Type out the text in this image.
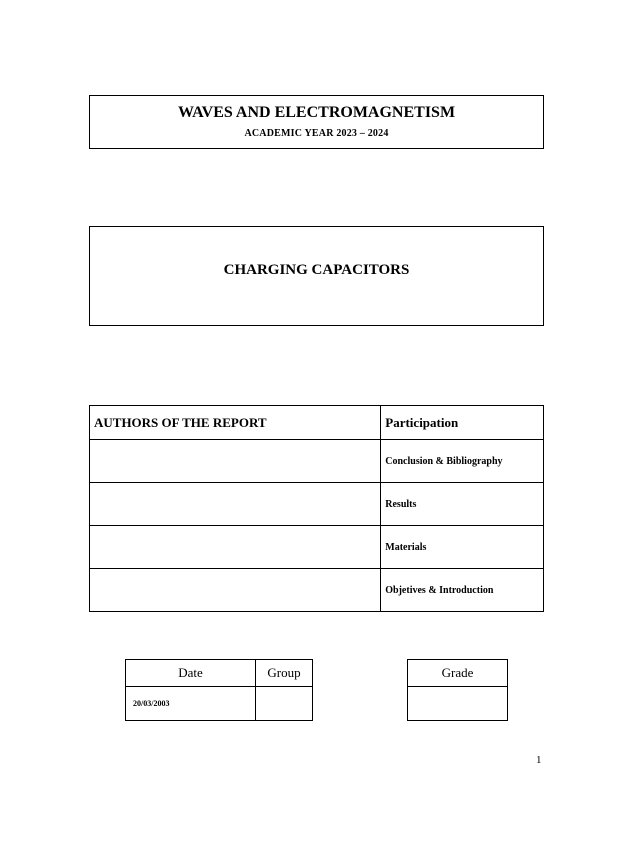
WAVES AND ELECTROMAGNETISM
ACADEMIC YEAR 2023 – 2024
CHARGING CAPACITORS
AUTHORS OF THE REPORT	Participation
	Conclusion & Bibliography
	Results
	Materials
	Objetives & Introduction
Date	Group
20/03/2003	
Grade

1
